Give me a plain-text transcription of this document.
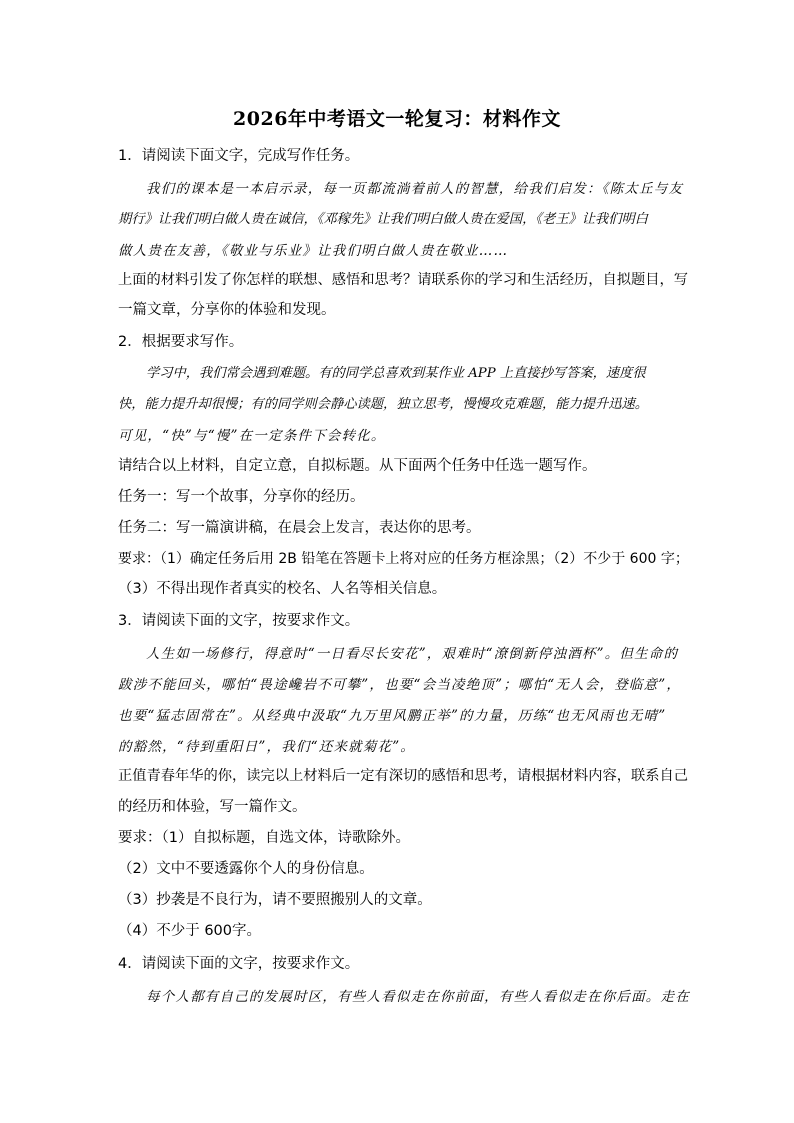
2026年中考语文一轮复习：材料作文
1．请阅读下面文字，完成写作任务。
我们的课本是一本启示录，每一页都流淌着前人的智慧，给我们启发：《陈太丘与友
期行》让我们明白做人贵在诚信，《邓稼先》让我们明白做人贵在爱国，《老王》让我们明白
做人贵在友善，《敬业与乐业》让我们明白做人贵在敬业……
上面的材料引发了你怎样的联想、感悟和思考？请联系你的学习和生活经历，自拟题目，写
一篇文章，分享你的体验和发现。
2．根据要求写作。
学习中，我们常会遇到难题。有的同学总喜欢到某作业 APP 上直接抄写答案，速度很
快，能力提升却很慢；有的同学则会静心读题，独立思考，慢慢攻克难题，能力提升迅速。
可见，“快”与“慢”在一定条件下会转化。
请结合以上材料，自定立意，自拟标题。从下面两个任务中任选一题写作。
任务一：写一个故事，分享你的经历。
任务二：写一篇演讲稿，在晨会上发言，表达你的思考。
要求：（1）确定任务后用 2B 铅笔在答题卡上将对应的任务方框涂黑；（2）不少于 600 字；
（3）不得出现作者真实的校名、人名等相关信息。
3．请阅读下面的文字，按要求作文。
人生如一场修行，得意时“一日看尽长安花”，艰难时“潦倒新停浊酒杯”。但生命的
跋涉不能回头，哪怕“畏途巉岩不可攀”，也要“会当凌绝顶”；哪怕“无人会，登临意”，
也要“猛志固常在”。从经典中汲取“九万里风鹏正举”的力量，历练“也无风雨也无晴”
的豁然，“待到重阳日”，我们“还来就菊花”。
正值青春年华的你，读完以上材料后一定有深切的感悟和思考，请根据材料内容，联系自己
的经历和体验，写一篇作文。
要求：（1）自拟标题，自选文体，诗歌除外。
（2）文中不要透露你个人的身份信息。
（3）抄袭是不良行为，请不要照搬别人的文章。
（4）不少于 600字。
4．请阅读下面的文字，按要求作文。
每个人都有自己的发展时区，有些人看似走在你前面，有些人看似走在你后面。走在
